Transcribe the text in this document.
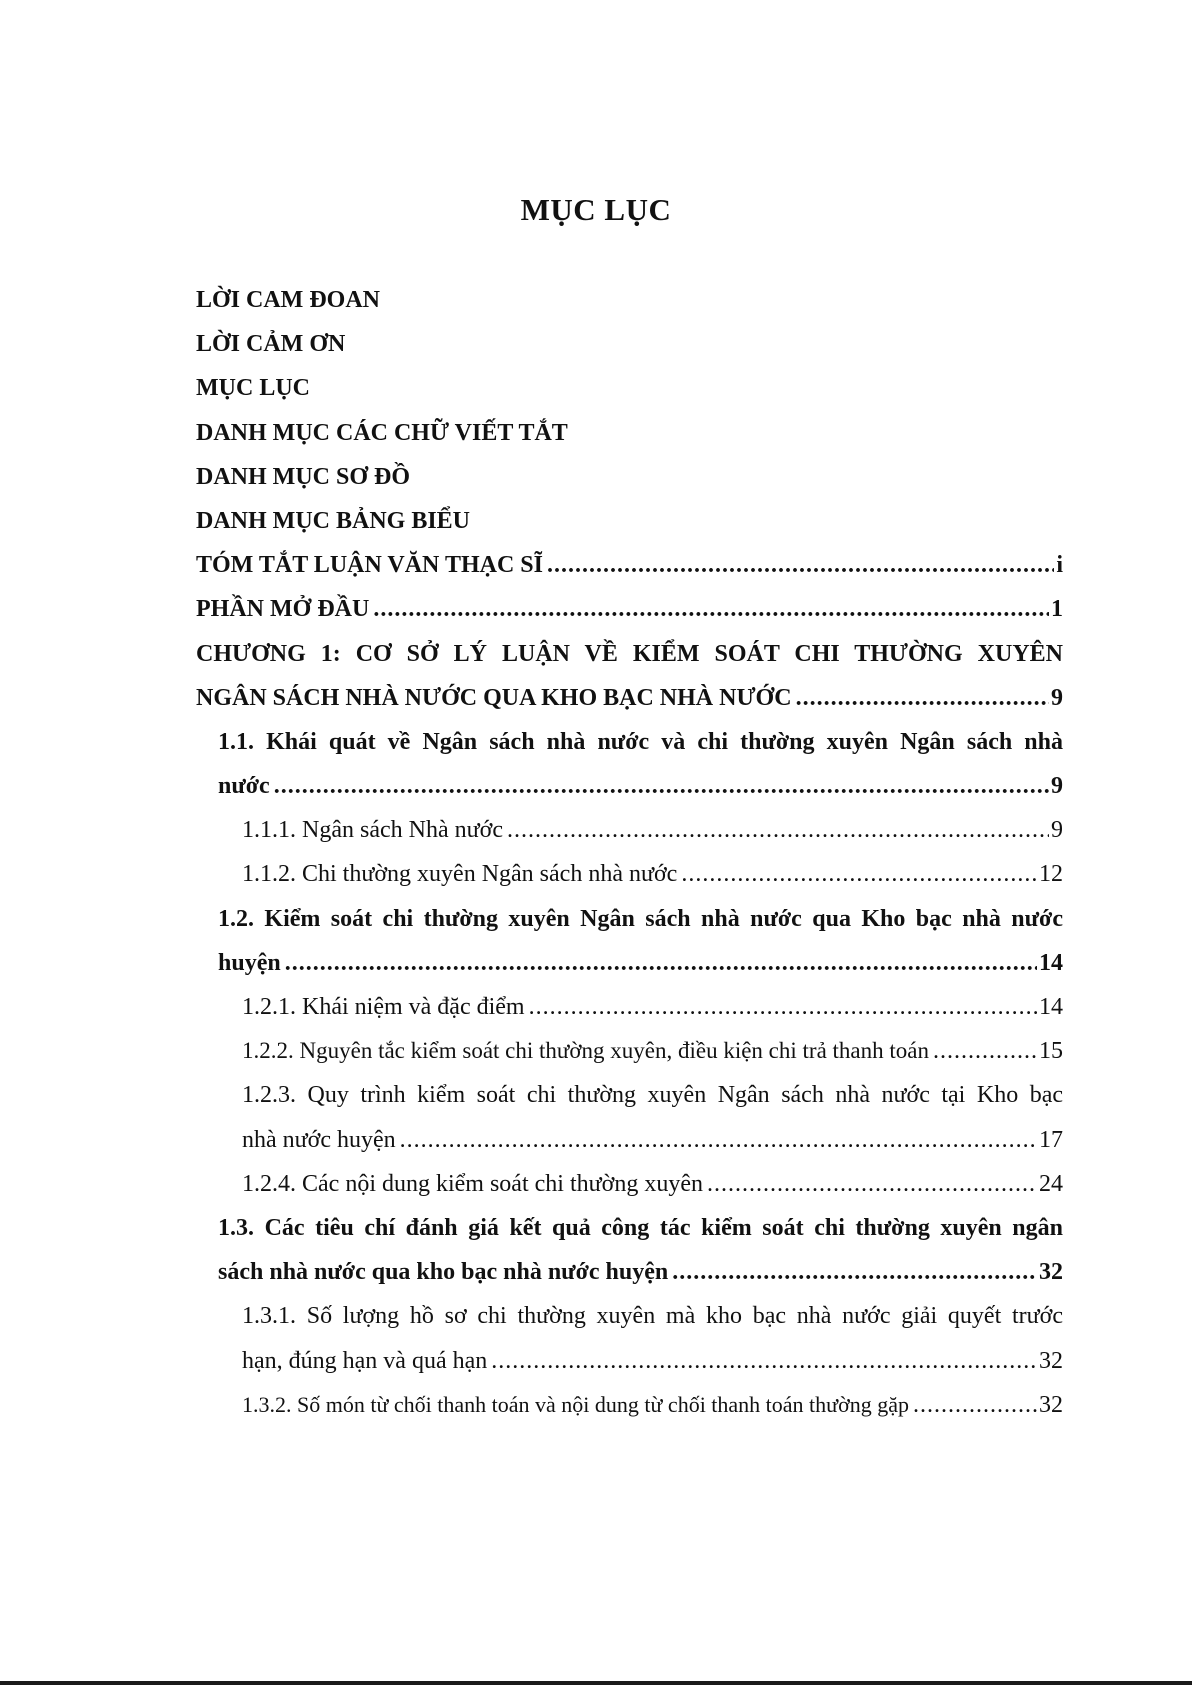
MỤC LỤC
LỜI CAM ĐOAN
LỜI CẢM ƠN
MỤC LỤC
DANH MỤC CÁC CHỮ VIẾT TẮT
DANH MỤC SƠ ĐỒ
DANH MỤC BẢNG BIỂU
TÓM TẮT LUẬN VĂN THẠC SĨ .....	i
PHẦN MỞ ĐẦU .....	1
CHƯƠNG 1: CƠ SỞ LÝ LUẬN VỀ KIỂM SOÁT CHI THƯỜNG XUYÊN
NGÂN SÁCH NHÀ NƯỚC QUA KHO BẠC NHÀ NƯỚC .....	9
1.1. Khái quát về Ngân sách nhà nước và chi thường xuyên Ngân sách nhà
nước .....	9
1.1.1. Ngân sách Nhà nước .....	9
1.1.2. Chi thường xuyên Ngân sách nhà nước .....	12
1.2. Kiểm soát chi thường xuyên Ngân sách nhà nước qua Kho bạc nhà nước
huyện .....	14
1.2.1. Khái niệm và đặc điểm .....	14
1.2.2. Nguyên tắc kiểm soát chi thường xuyên, điều kiện chi trả thanh toán .....	15
1.2.3. Quy trình kiểm soát chi thường xuyên Ngân sách nhà nước tại Kho bạc
nhà nước huyện .....	17
1.2.4. Các nội dung kiểm soát chi thường xuyên .....	24
1.3. Các tiêu chí đánh giá kết quả công tác kiểm soát chi thường xuyên ngân
sách nhà nước qua kho bạc nhà nước huyện .....	32
1.3.1. Số lượng hồ sơ chi thường xuyên mà kho bạc nhà nước giải quyết trước
hạn, đúng hạn và quá hạn .....	32
1.3.2. Số món từ chối thanh toán và nội dung từ chối thanh toán thường gặp .....	32
